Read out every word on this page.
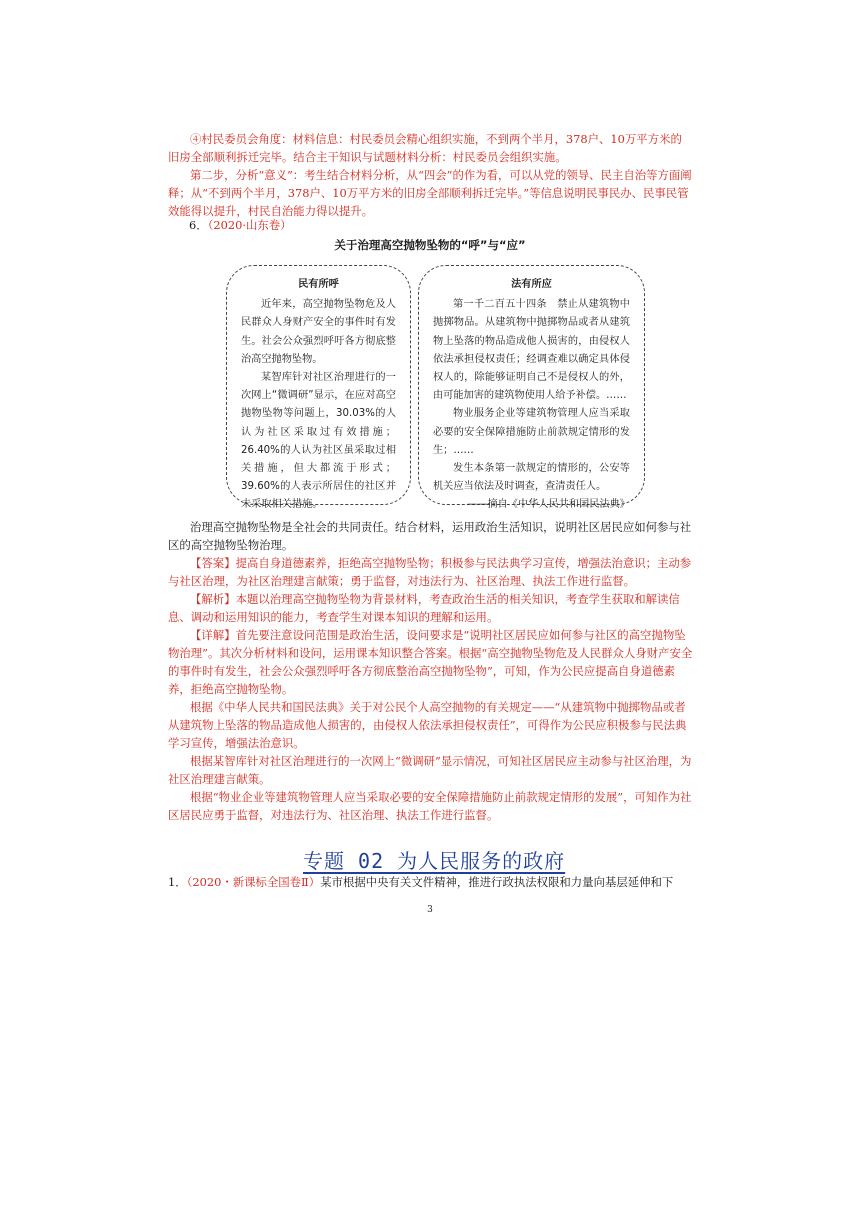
④村民委员会角度：材料信息：村民委员会精心组织实施，不到两个半月，378户、10万平方米的旧房全部顺利拆迁完毕。结合主干知识与试题材料分析：村民委员会组织实施。

第二步，分析“意义”：考生结合材料分析，从“四会”的作为看，可以从党的领导、民主自治等方面阐释；从“不到两个半月，378户、10万平方米的旧房全部顺利拆迁完毕。”等信息说明民事民办、民事民管效能得以提升，村民自治能力得以提升。

6．（2020·山东卷）
关于治理高空抛物坠物的“呼”与“应”
民有所呼

近年来，高空抛物坠物危及人民群众人身财产安全的事件时有发生。社会公众强烈呼吁各方彻底整治高空抛物坠物。

某智库针对社区治理进行的一次网上“微调研”显示，在应对高空抛物坠物等问题上，30.03%的人认为社区采取过有效措施；26.40%的人认为社区虽采取过相关措施，但大都流于形式；39.60%的人表示所居住的社区并未采取相关措施。

法有所应

第一千二百五十四条　禁止从建筑物中抛掷物品。从建筑物中抛掷物品或者从建筑物上坠落的物品造成他人损害的，由侵权人依法承担侵权责任；经调查难以确定具体侵权人的，除能够证明自己不是侵权人的外，由可能加害的建筑物使用人给予补偿。……

物业服务企业等建筑物管理人应当采取必要的安全保障措施防止前款规定情形的发生；……

发生本条第一款规定的情形的，公安等机关应当依法及时调查，查清责任人。

——摘自《中华人民共和国民法典》

治理高空抛物坠物是全社会的共同责任。结合材料，运用政治生活知识，说明社区居民应如何参与社区的高空抛物坠物治理。

【答案】提高自身道德素养，拒绝高空抛物坠物；积极参与民法典学习宣传，增强法治意识；主动参与社区治理，为社区治理建言献策；勇于监督，对违法行为、社区治理、执法工作进行监督。

【解析】本题以治理高空抛物坠物为背景材料，考查政治生活的相关知识，考查学生获取和解读信息、调动和运用知识的能力，考查学生对课本知识的理解和运用。

【详解】首先要注意设问范围是政治生活，设问要求是“说明社区居民应如何参与社区的高空抛物坠物治理”。其次分析材料和设问，运用课本知识整合答案。根据“高空抛物坠物危及人民群众人身财产安全的事件时有发生，社会公众强烈呼吁各方彻底整治高空抛物坠物”，可知，作为公民应提高自身道德素养，拒绝高空抛物坠物。

根据《中华人民共和国民法典》关于对公民个人高空抛物的有关规定——“从建筑物中抛掷物品或者从建筑物上坠落的物品造成他人损害的，由侵权人依法承担侵权责任”，可得作为公民应积极参与民法典学习宣传，增强法治意识。

根据某智库针对社区治理进行的一次网上“微调研”显示情况，可知社区居民应主动参与社区治理，为社区治理建言献策。

根据“物业企业等建筑物管理人应当采取必要的安全保障措施防止前款规定情形的发展”，可知作为社区居民应勇于监督，对违法行为、社区治理、执法工作进行监督。

专题 02 为人民服务的政府
1．（2020・新课标全国卷Ⅱ）某市根据中央有关文件精神，推进行政执法权限和力量向基层延伸和下
3
